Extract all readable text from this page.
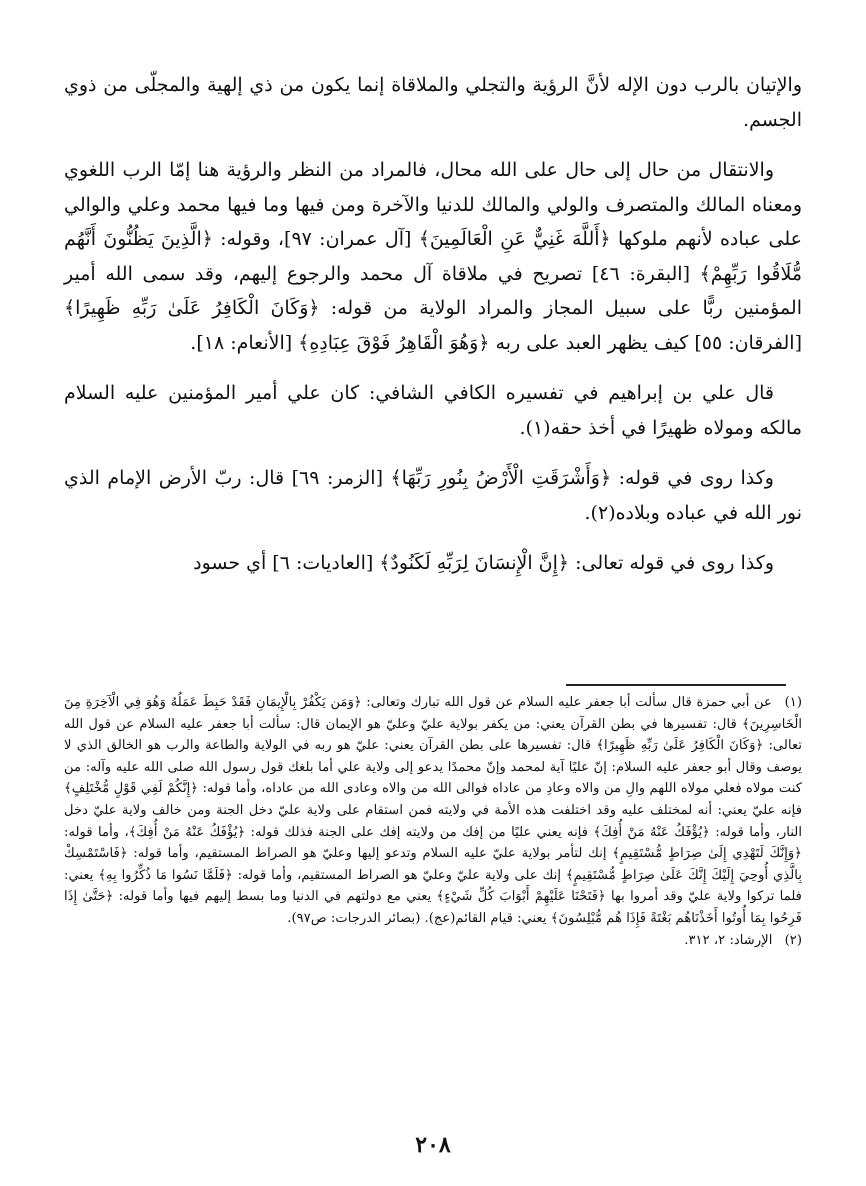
والإتيان بالرب دون الإله لأنَّ الرؤية والتجلي والملاقاة إنما يكون من ذي إلهية والمجلّى من ذوي الجسم.

والانتقال من حال إلى حال على الله محال، فالمراد من النظر والرؤية هنا إمّا الرب اللغوي ومعناه المالك والمتصرف والولي والمالك للدنيا والآخرة ومن فيها وما فيها محمد وعلي والوالي على عباده لأنهم ملوكها ﴿أَللَّهَ غَنِيٌّ عَنِ الْعَالَمِينَ﴾ [آل عمران: ٩٧]، وقوله: ﴿الَّذِينَ يَظُنُّونَ أَنَّهُم مُّلَاقُوا رَبِّهِمْ﴾ [البقرة: ٤٦] تصريح في ملاقاة آل محمد والرجوع إليهم، وقد سمى الله أمير المؤمنين ربًّا على سبيل المجاز والمراد الولاية من قوله: ﴿وَكَانَ الْكَافِرُ عَلَىٰ رَبِّهِ ظَهِيرًا﴾ [الفرقان: ٥٥] كيف يظهر العبد على ربه ﴿وَهُوَ الْقَاهِرُ فَوْقَ عِبَادِهِ﴾ [الأنعام: ١٨].

قال علي بن إبراهيم في تفسيره الكافي الشافي: كان علي أمير المؤمنين عليه السلام مالكه ومولاه ظهيرًا في أخذ حقه(١).

وكذا روى في قوله: ﴿وَأَشْرَقَتِ الْأَرْضُ بِنُورِ رَبِّهَا﴾ [الزمر: ٦٩] قال: ربّ الأرض الإمام الذي نور الله في عباده وبلاده(٢).

وكذا روى في قوله تعالى: ﴿إِنَّ الْإِنسَانَ لِرَبِّهِ لَكَنُودٌ﴾ [العاديات: ٦] أي حسود

(١) عن أبي حمزة قال سألت أبا جعفر عليه السلام عن قول الله تبارك وتعالى: ﴿وَمَن يَكْفُرْ بِالْإِيمَانِ فَقَدْ حَبِطَ عَمَلُهُ وَهُوَ فِي الْآخِرَةِ مِنَ الْخَاسِرِينَ﴾ قال: تفسيرها في بطن القرآن يعني: من يكفر بولاية عليّ وعليّ هو الإيمان قال: سألت أبا جعفر عليه السلام عن قول الله تعالى: ﴿وَكَانَ الْكَافِرُ عَلَىٰ رَبِّهِ ظَهِيرًا﴾ قال: تفسيرها على بطن القرآن يعني: عليّ هو ربه في الولاية والطاعة والرب هو الخالق الذي لا يوصف وقال أبو جعفر عليه السلام: إنّ عليًا آية لمحمد وإنّ محمدًا يدعو إلى ولاية علي أما بلغك قول رسول الله صلى الله عليه وآله: من كنت مولاه فعلي مولاه اللهم والِ من والاه وعادِ من عاداه فوالى الله من والاه وعادى الله من عاداه، وأما قوله: ﴿إِنَّكُمْ لَفِي قَوْلٍ مُّخْتَلِفٍ﴾ فإنه عليّ يعني: أنه لمختلف عليه وقد اختلفت هذه الأمة في ولايته فمن استقام على ولاية عليّ دخل الجنة ومن خالف ولاية عليّ دخل النار، وأما قوله: ﴿يُؤْفَكُ عَنْهُ مَنْ أُفِكَ﴾ فإنه يعني عليًا من إفك من ولايته إفك على الجنة فذلك قوله: ﴿يُؤْفَكُ عَنْهُ مَنْ أُفِكَ﴾، وأما قوله: ﴿وَإِنَّكَ لَتَهْدِي إِلَىٰ صِرَاطٍ مُّسْتَقِيمٍ﴾ إنك لتأمر بولاية عليّ عليه السلام وتدعو إليها وعليّ هو الصراط المستقيم، وأما قوله: ﴿فَاسْتَمْسِكْ بِالَّذِي أُوحِيَ إِلَيْكَ إِنَّكَ عَلَىٰ صِرَاطٍ مُّسْتَقِيمٍ﴾ إنك على ولاية عليّ وعليّ هو الصراط المستقيم، وأما قوله: ﴿فَلَمَّا نَسُوا مَا ذُكِّرُوا بِهِ﴾ يعني: فلما تركوا ولاية عليّ وقد أمروا بها ﴿فَتَحْنَا عَلَيْهِمْ أَبْوَابَ كُلِّ شَيْءٍ﴾ يعني مع دولتهم في الدنيا وما بسط إليهم فيها وأما قوله: ﴿حَتَّىٰ إِذَا فَرِحُوا بِمَا أُوتُوا أَخَذْنَاهُم بَغْتَةً فَإِذَا هُم مُّبْلِسُونَ﴾ يعني: قيام القائم(عج). (بصائر الدرجات: ص٩٧).

(٢) الإرشاد: ٢، ٣١٢.

٢٠٨
